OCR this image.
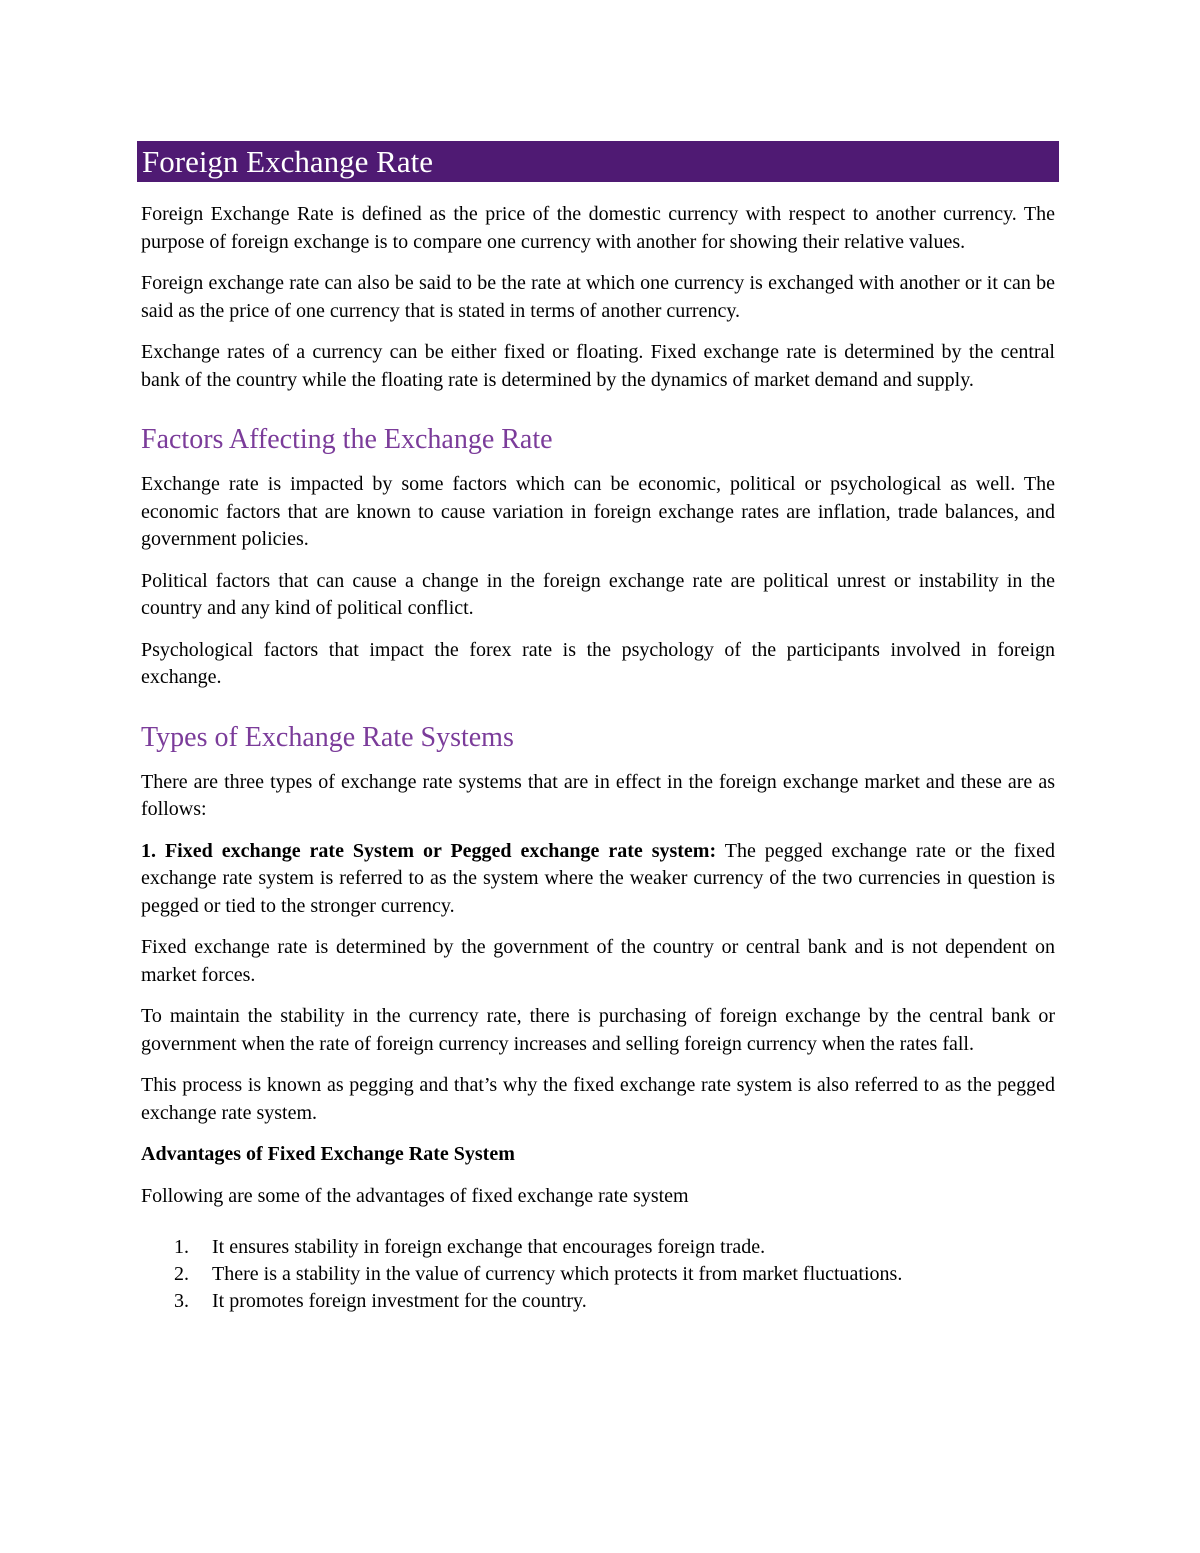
Foreign Exchange Rate

Foreign Exchange Rate is defined as the price of the domestic currency with respect to another currency. The purpose of foreign exchange is to compare one currency with another for showing their relative values.

Foreign exchange rate can also be said to be the rate at which one currency is exchanged with another or it can be said as the price of one currency that is stated in terms of another currency.

Exchange rates of a currency can be either fixed or floating. Fixed exchange rate is determined by the central bank of the country while the floating rate is determined by the dynamics of market demand and supply.

Factors Affecting the Exchange Rate

Exchange rate is impacted by some factors which can be economic, political or psychological as well. The economic factors that are known to cause variation in foreign exchange rates are inflation, trade balances, and government policies.

Political factors that can cause a change in the foreign exchange rate are political unrest or instability in the country and any kind of political conflict.

Psychological factors that impact the forex rate is the psychology of the participants involved in foreign exchange.

Types of Exchange Rate Systems

There are three types of exchange rate systems that are in effect in the foreign exchange market and these are as follows:

1. Fixed exchange rate System or Pegged exchange rate system: The pegged exchange rate or the fixed exchange rate system is referred to as the system where the weaker currency of the two currencies in question is pegged or tied to the stronger currency.

Fixed exchange rate is determined by the government of the country or central bank and is not dependent on market forces.

To maintain the stability in the currency rate, there is purchasing of foreign exchange by the central bank or government when the rate of foreign currency increases and selling foreign currency when the rates fall.

This process is known as pegging and that’s why the fixed exchange rate system is also referred to as the pegged exchange rate system.

Advantages of Fixed Exchange Rate System

Following are some of the advantages of fixed exchange rate system

1. It ensures stability in foreign exchange that encourages foreign trade.
2. There is a stability in the value of currency which protects it from market fluctuations.
3. It promotes foreign investment for the country.
